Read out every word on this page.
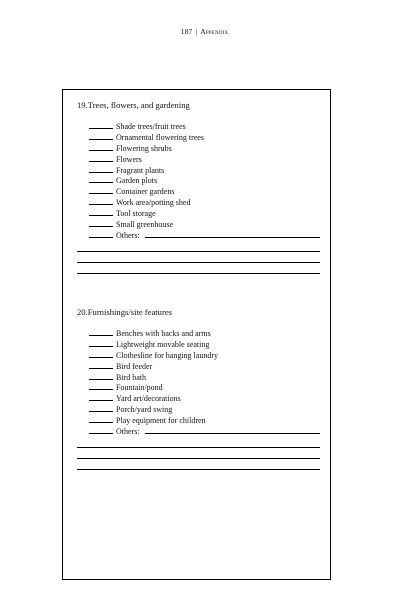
187 | Appendix

19.Trees, flowers, and gardening

Shade trees/fruit trees
Ornamental flowering trees
Flowering shrubs
Flowers
Fragrant plants
Garden plots
Container gardens
Work area/potting shed
Tool storage
Small greenhouse
Others:

20.Furnishings/site features

Benches with backs and arms
Lightweight movable seating
Clothesline for hanging laundry
Bird feeder
Bird bath
Fountain/pond
Yard art/decorations
Porch/yard swing
Play equipment for children
Others:
